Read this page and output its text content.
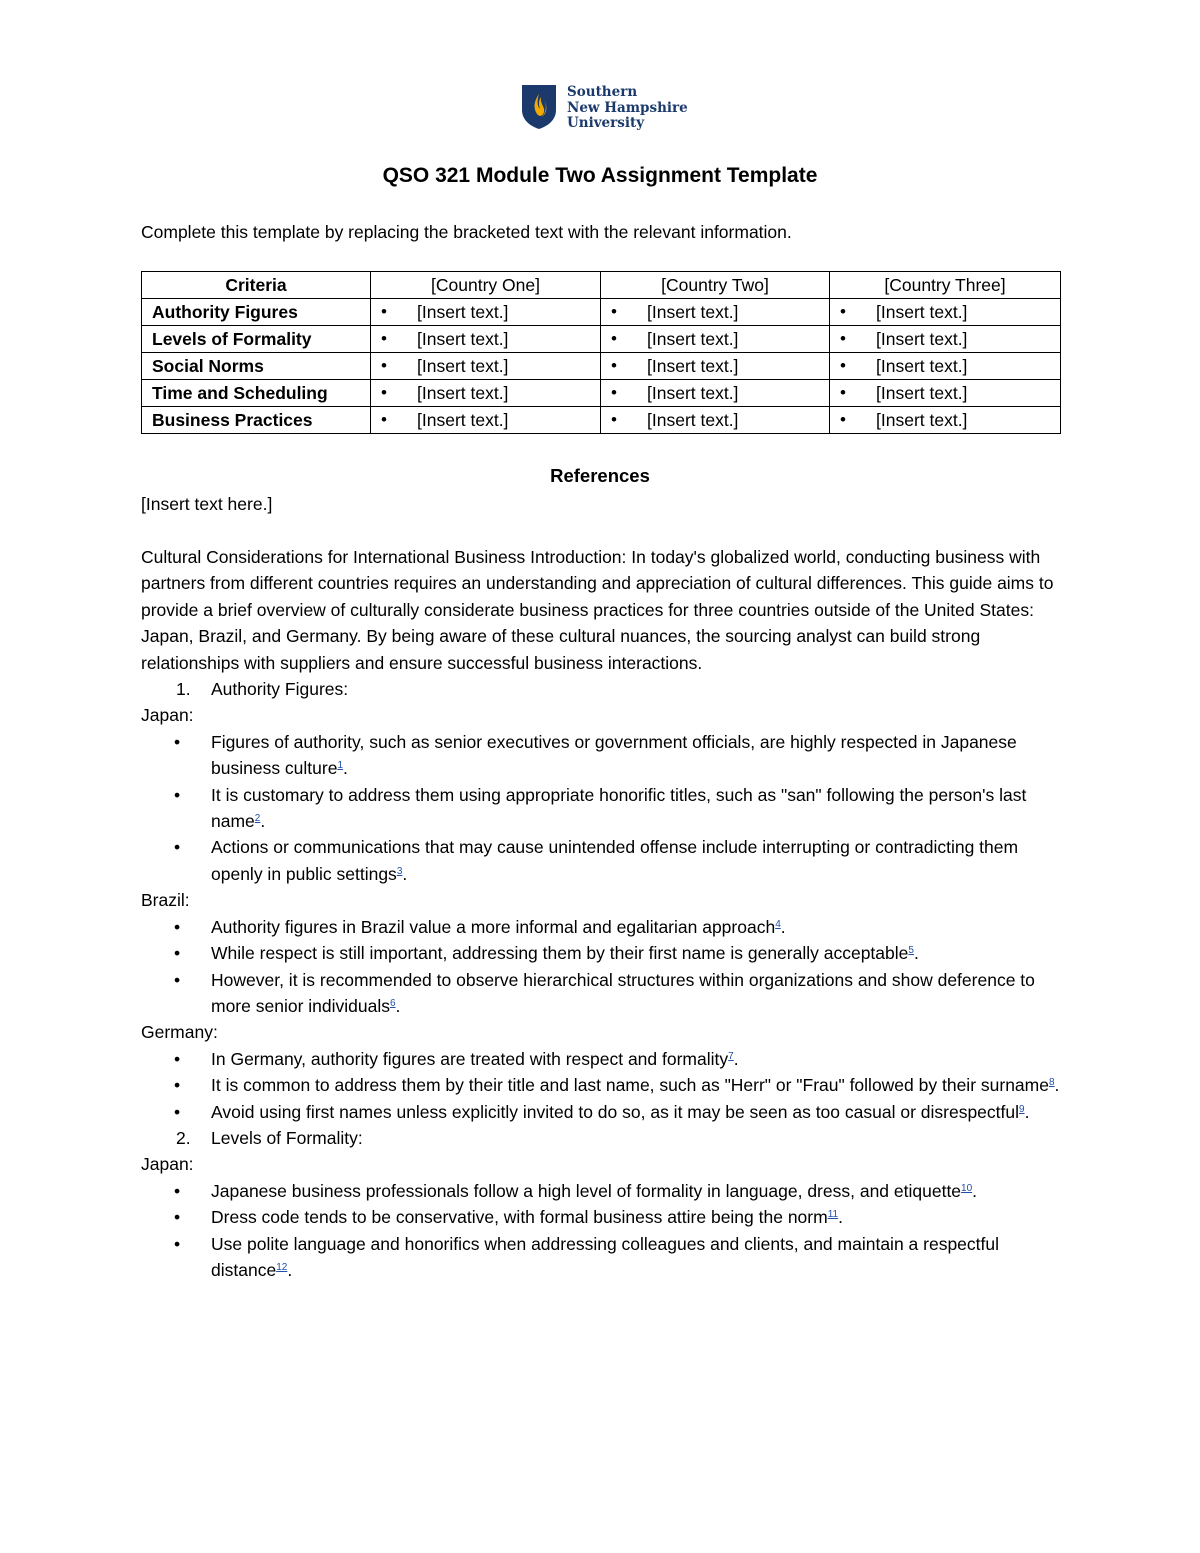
Southern
New Hampshire
University
QSO 321 Module Two Assignment Template
Complete this template by replacing the bracketed text with the relevant information.
Criteria	[Country One]	[Country Two]	[Country Three]
Authority Figures	• [Insert text.]	• [Insert text.]	• [Insert text.]

Levels of Formality	• [Insert text.]	• [Insert text.]	• [Insert text.]

Social Norms	• [Insert text.]	• [Insert text.]	• [Insert text.]

Time and Scheduling	• [Insert text.]	• [Insert text.]	• [Insert text.]

Business Practices	• [Insert text.]	• [Insert text.]	• [Insert text.]
References
[Insert text here.]

Cultural Considerations for International Business Introduction: In today's globalized world, conducting business with partners from different countries requires an understanding and appreciation of cultural differences. This guide aims to provide a brief overview of culturally considerate business practices for three countries outside of the United States: Japan, Brazil, and Germany. By being aware of these cultural nuances, the sourcing analyst can build strong relationships with suppliers and ensure successful business interactions.

1. Authority Figures:

Japan:

• Figures of authority, such as senior executives or government officials, are highly respected in Japanese business culture$^1$.
• It is customary to address them using appropriate honorific titles, such as "san" following the person's last name$^2$.
• Actions or communications that may cause unintended offense include interrupting or contradicting them openly in public settings$^3$.

Brazil:

• Authority figures in Brazil value a more informal and egalitarian approach$^4$.
• While respect is still important, addressing them by their first name is generally acceptable$^5$.
• However, it is recommended to observe hierarchical structures within organizations and show deference to more senior individuals$^6$.

Germany:

• In Germany, authority figures are treated with respect and formality$^7$.
• It is common to address them by their title and last name, such as "Herr" or "Frau" followed by their surname$^8$.
• Avoid using first names unless explicitly invited to do so, as it may be seen as too casual or disrespectful$^9$.
2. Levels of Formality:

Japan:

• Japanese business professionals follow a high level of formality in language, dress, and etiquette$^{10}$.
• Dress code tends to be conservative, with formal business attire being the norm$^{11}$.
• Use polite language and honorifics when addressing colleagues and clients, and maintain a respectful distance$^{12}$.
